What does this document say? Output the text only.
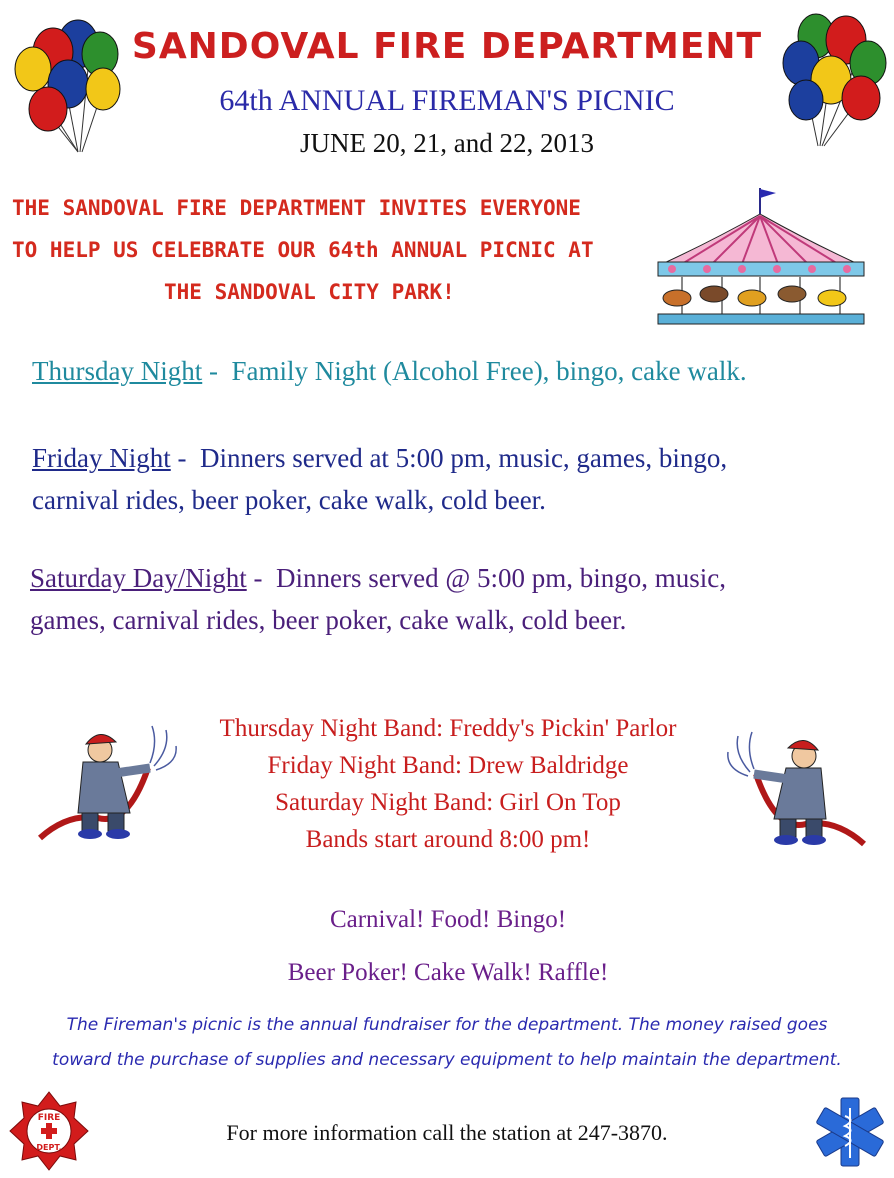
SANDOVAL FIRE DEPARTMENT
64th ANNUAL FIREMAN'S PICNIC
JUNE 20, 21, and 22, 2013
THE SANDOVAL FIRE DEPARTMENT INVITES EVERYONE
TO HELP US CELEBRATE OUR 64th ANNUAL PICNIC AT
THE SANDOVAL CITY PARK!
Thursday Night -  Family Night (Alcohol Free), bingo, cake walk.
Friday Night -  Dinners served at 5:00 pm, music, games, bingo,
carnival rides, beer poker, cake walk, cold beer.
Saturday Day/Night -  Dinners served @ 5:00 pm, bingo, music,
games, carnival rides, beer poker, cake walk, cold beer.
Thursday Night Band: Freddy's Pickin' Parlor
Friday Night Band: Drew Baldridge
Saturday Night Band: Girl On Top
Bands start around 8:00 pm!
Carnival! Food! Bingo!
Beer Poker! Cake Walk! Raffle!
The Fireman's picnic is the annual fundraiser for the department. The money raised goes
toward the purchase of supplies and necessary equipment to help maintain the department.
FIRE
DEPT.
For more information call the station at 247-3870.
